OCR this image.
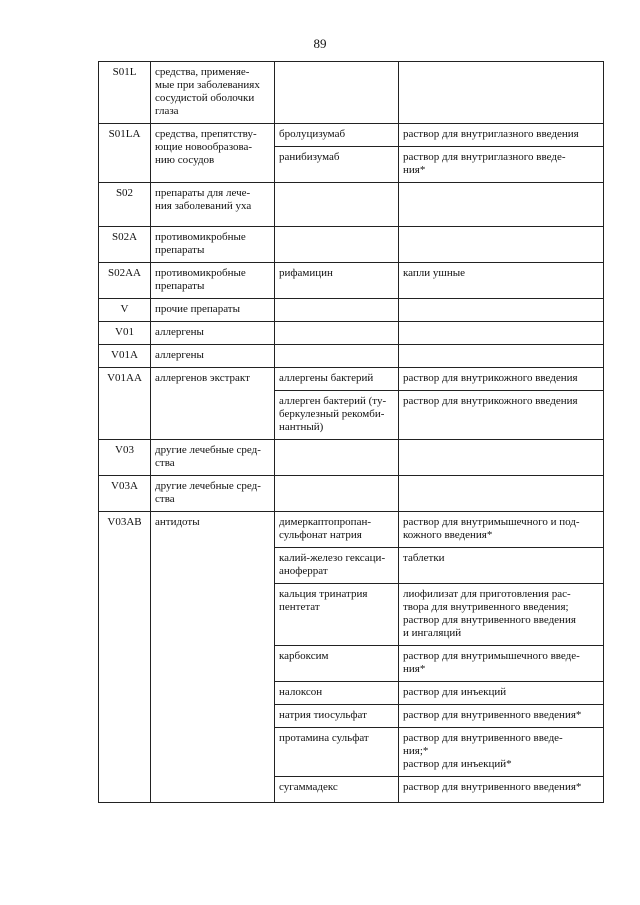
89
S01L	средства, применяе-
мые при заболеваниях
сосудистой оболочки
глаза		

S01LA	средства, препятству-
ющие новообразова-
нию сосудов	бролуцизумаб	раствор для внутриглазного введения

		ранибизумаб	раствор для внутриглазного введе-
ния*

S02	препараты для лече-
ния заболеваний уха		

S02A	противомикробные
препараты		

S02AA	противомикробные
препараты	рифамицин	капли ушные

V	прочие препараты		

V01	аллергены		

V01A	аллергены		

V01AA	аллергенов экстракт	аллергены бактерий	раствор для внутрикожного введения

		аллерген бактерий (ту-
беркулезный рекомби-
нантный)	раствор для внутрикожного введения

V03	другие лечебные сред-
ства		

V03A	другие лечебные сред-
ства		

V03AB	антидоты	димеркаптопропан-
сульфонат натрия	раствор для внутримышечного и под-
кожного введения*

		калий-железо гексаци-
аноферрат	таблетки

		кальция тринатрия
пентетат	лиофилизат для приготовления рас-
твора для внутривенного введения;
раствор для внутривенного введения
и ингаляций

		карбоксим	раствор для внутримышечного введе-
ния*

		налоксон	раствор для инъекций

		натрия тиосульфат	раствор для внутривенного введения*

		протамина сульфат	раствор для внутривенного введе-
ния;*
раствор для инъекций*

		сугаммадекс	раствор для внутривенного введения*
